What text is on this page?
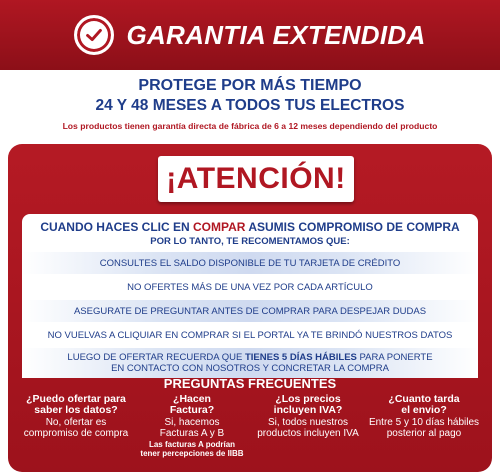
GARANTIA EXTENDIDA
PROTEGE POR MÁS TIEMPO
24 Y 48 MESES A TODOS TUS ELECTROS
Los productos tienen garantía directa de fábrica de 6 a 12 meses dependiendo del producto
¡ATENCIÓN!
CUANDO HACES CLIC EN COMPAR ASUMIS COMPROMISO DE COMPRA
POR LO TANTO, TE RECOMENTAMOS QUE:
CONSULTES EL SALDO DISPONIBLE DE TU TARJETA DE CRÉDITO
NO OFERTES MÁS DE UNA VEZ POR CADA ARTÍCULO
ASEGURATE DE PREGUNTAR ANTES DE COMPRAR PARA DESPEJAR DUDAS
NO VUELVAS A CLIQUIAR EN COMPRAR SI EL PORTAL YA TE BRINDÓ NUESTROS DATOS
LUEGO DE OFERTAR RECUERDA QUE TIENES 5 DÍAS HÁBILES PARA PONERTE
EN CONTACTO CON NOSOTROS Y CONCRETAR LA COMPRA
PREGUNTAS FRECUENTES
¿Puedo ofertar para
saber los datos?
No, ofertar es
compromiso de compra
¿Hacen
Factura?
Si, hacemos
Facturas A y B
Las facturas A podrían
tener percepciones de IIBB
¿Los precios
incluyen IVA?
Si, todos nuestros
productos incluyen IVA
¿Cuanto tarda
el envio?
Entre 5 y 10 días hábiles
posterior al pago
